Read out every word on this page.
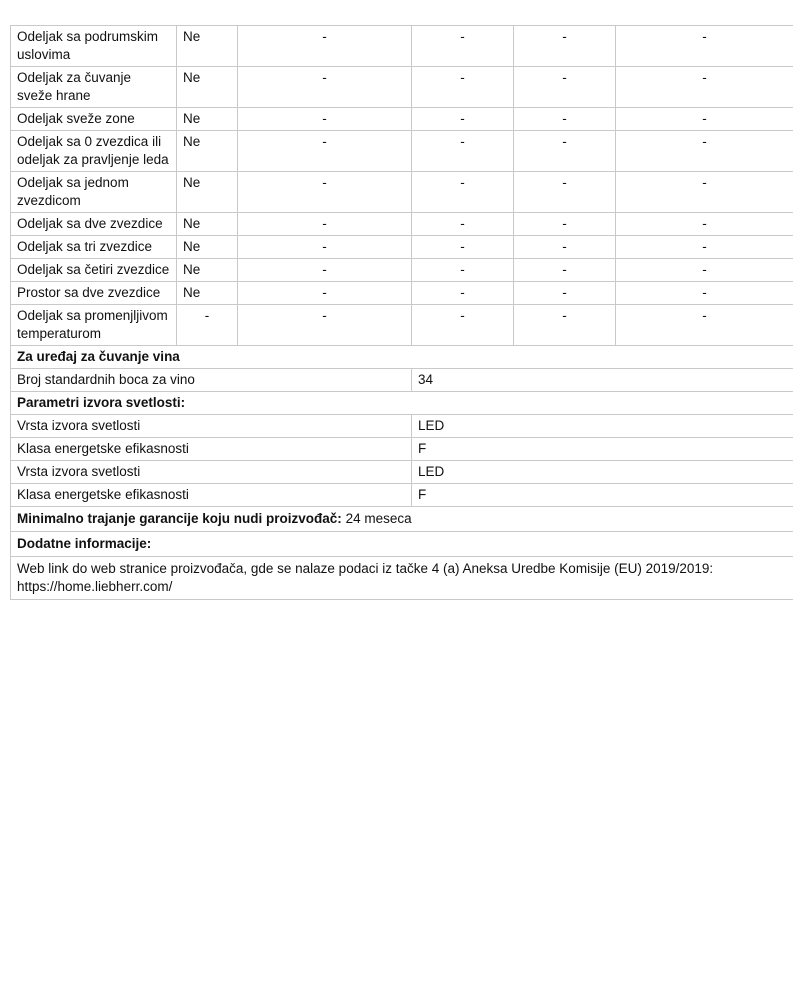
Odeljak sa podrumskim uslovima	Ne	-	-	-	-
Odeljak za čuvanje sveže hrane	Ne	-	-	-	-
Odeljak sveže zone	Ne	-	-	-	-
Odeljak sa 0 zvezdica ili odeljak za pravljenje leda	Ne	-	-	-	-
Odeljak sa jednom zvezdicom	Ne	-	-	-	-
Odeljak sa dve zvezdice	Ne	-	-	-	-
Odeljak sa tri zvezdice	Ne	-	-	-	-
Odeljak sa četiri zvezdice	Ne	-	-	-	-
Prostor sa dve zvezdice	Ne	-	-	-	-
Odeljak sa promenjljivom temperaturom	-	-	-	-	-
Za uređaj za čuvanje vina					
Broj standardnih boca za vino			34		
Parametri izvora svetlosti:					
Vrsta izvora svetlosti			LED		
Klasa energetske efikasnosti			F		
Vrsta izvora svetlosti			LED		
Klasa energetske efikasnosti			F		
Minimalno trajanje garancije koju nudi proizvođač: 24 meseca					
Dodatne informacije:					
Web link do web stranice proizvođača, gde se nalaze podaci iz tačke 4 (a) Aneksa Uredbe Komisije (EU) 2019/2019: https://home.liebherr.com/					
